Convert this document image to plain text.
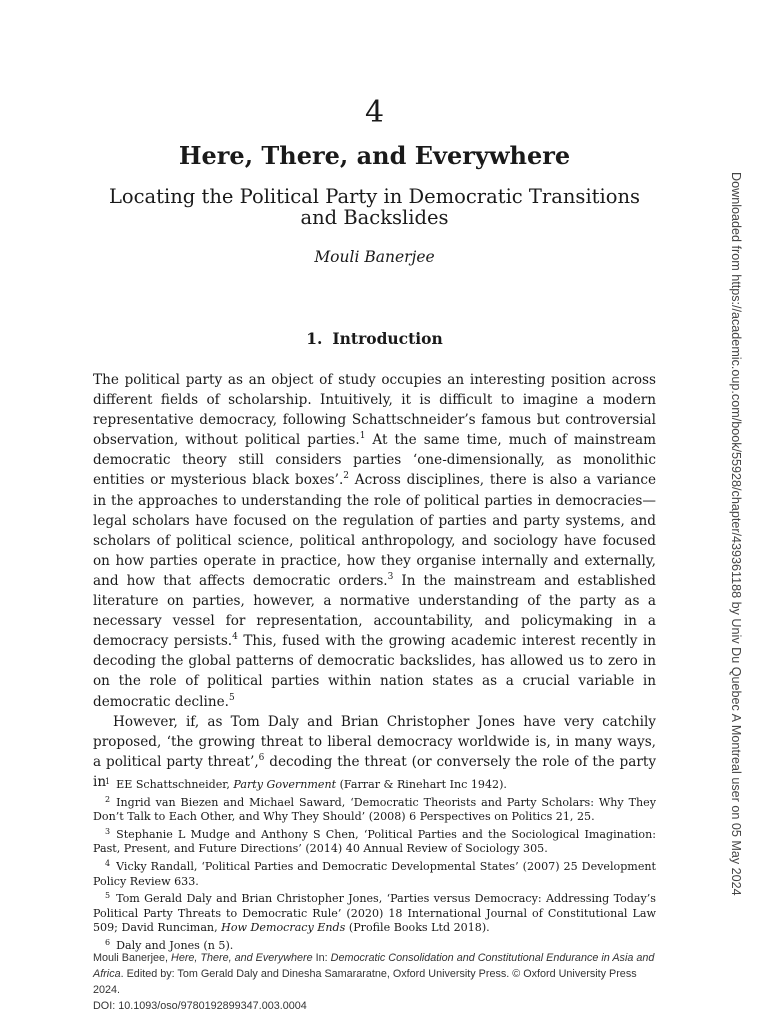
4
Here, There, and Everywhere
Locating the Political Party in Democratic Transitions and Backslides
Mouli Banerjee
1. Introduction

The political party as an object of study occupies an interesting position across different fields of scholarship. Intuitively, it is difficult to imagine a modern representative democracy, following Schattschneider’s famous but controversial observation, without political parties.$^1$ At the same time, much of mainstream democratic theory still considers parties ‘one-dimensionally, as monolithic entities or mysterious black boxes’.$^2$ Across disciplines, there is also a variance in the approaches to understanding the role of political parties in democracies—legal scholars have focused on the regulation of parties and party systems, and scholars of political science, political anthropology, and sociology have focused on how parties operate in practice, how they organise internally and externally, and how that affects democratic orders.$^3$ In the mainstream and established literature on parties, however, a normative understanding of the party as a necessary vessel for representation, accountability, and policymaking in a democracy persists.$^4$ This, fused with the growing academic interest recently in decoding the global patterns of democratic backslides, has allowed us to zero in on the role of political parties within nation states as a crucial variable in democratic decline.$^5$

However, if, as Tom Daly and Brian Christopher Jones have very catchily proposed, ‘the growing threat to liberal democracy worldwide is, in many ways, a political party threat’,$^6$ decoding the threat (or conversely the role of the party in

$^1$ EE Schattschneider, Party Government (Farrar & Rinehart Inc 1942).

$^2$ Ingrid van Biezen and Michael Saward, ‘Democratic Theorists and Party Scholars: Why They Don’t Talk to Each Other, and Why They Should’ (2008) 6 Perspectives on Politics 21, 25.

$^3$ Stephanie L Mudge and Anthony S Chen, ‘Political Parties and the Sociological Imagination: Past, Present, and Future Directions’ (2014) 40 Annual Review of Sociology 305.

$^4$ Vicky Randall, ‘Political Parties and Democratic Developmental States’ (2007) 25 Development Policy Review 633.

$^5$ Tom Gerald Daly and Brian Christopher Jones, ‘Parties versus Democracy: Addressing Today’s Political Party Threats to Democratic Rule’ (2020) 18 International Journal of Constitutional Law 509; David Runciman, How Democracy Ends (Profile Books Ltd 2018).

$^6$ Daly and Jones (n 5).

Mouli Banerjee, Here, There, and Everywhere In: Democratic Consolidation and Constitutional Endurance in Asia and Africa. Edited by: Tom Gerald Daly and Dinesha Samararatne, Oxford University Press. © Oxford University Press 2024.
DOI: 10.1093/oso/9780192899347.003.0004
Downloaded from https://academic.oup.com/book/55928/chapter/439361188 by Univ Du Quebec A Montreal user on 05 May 2024
